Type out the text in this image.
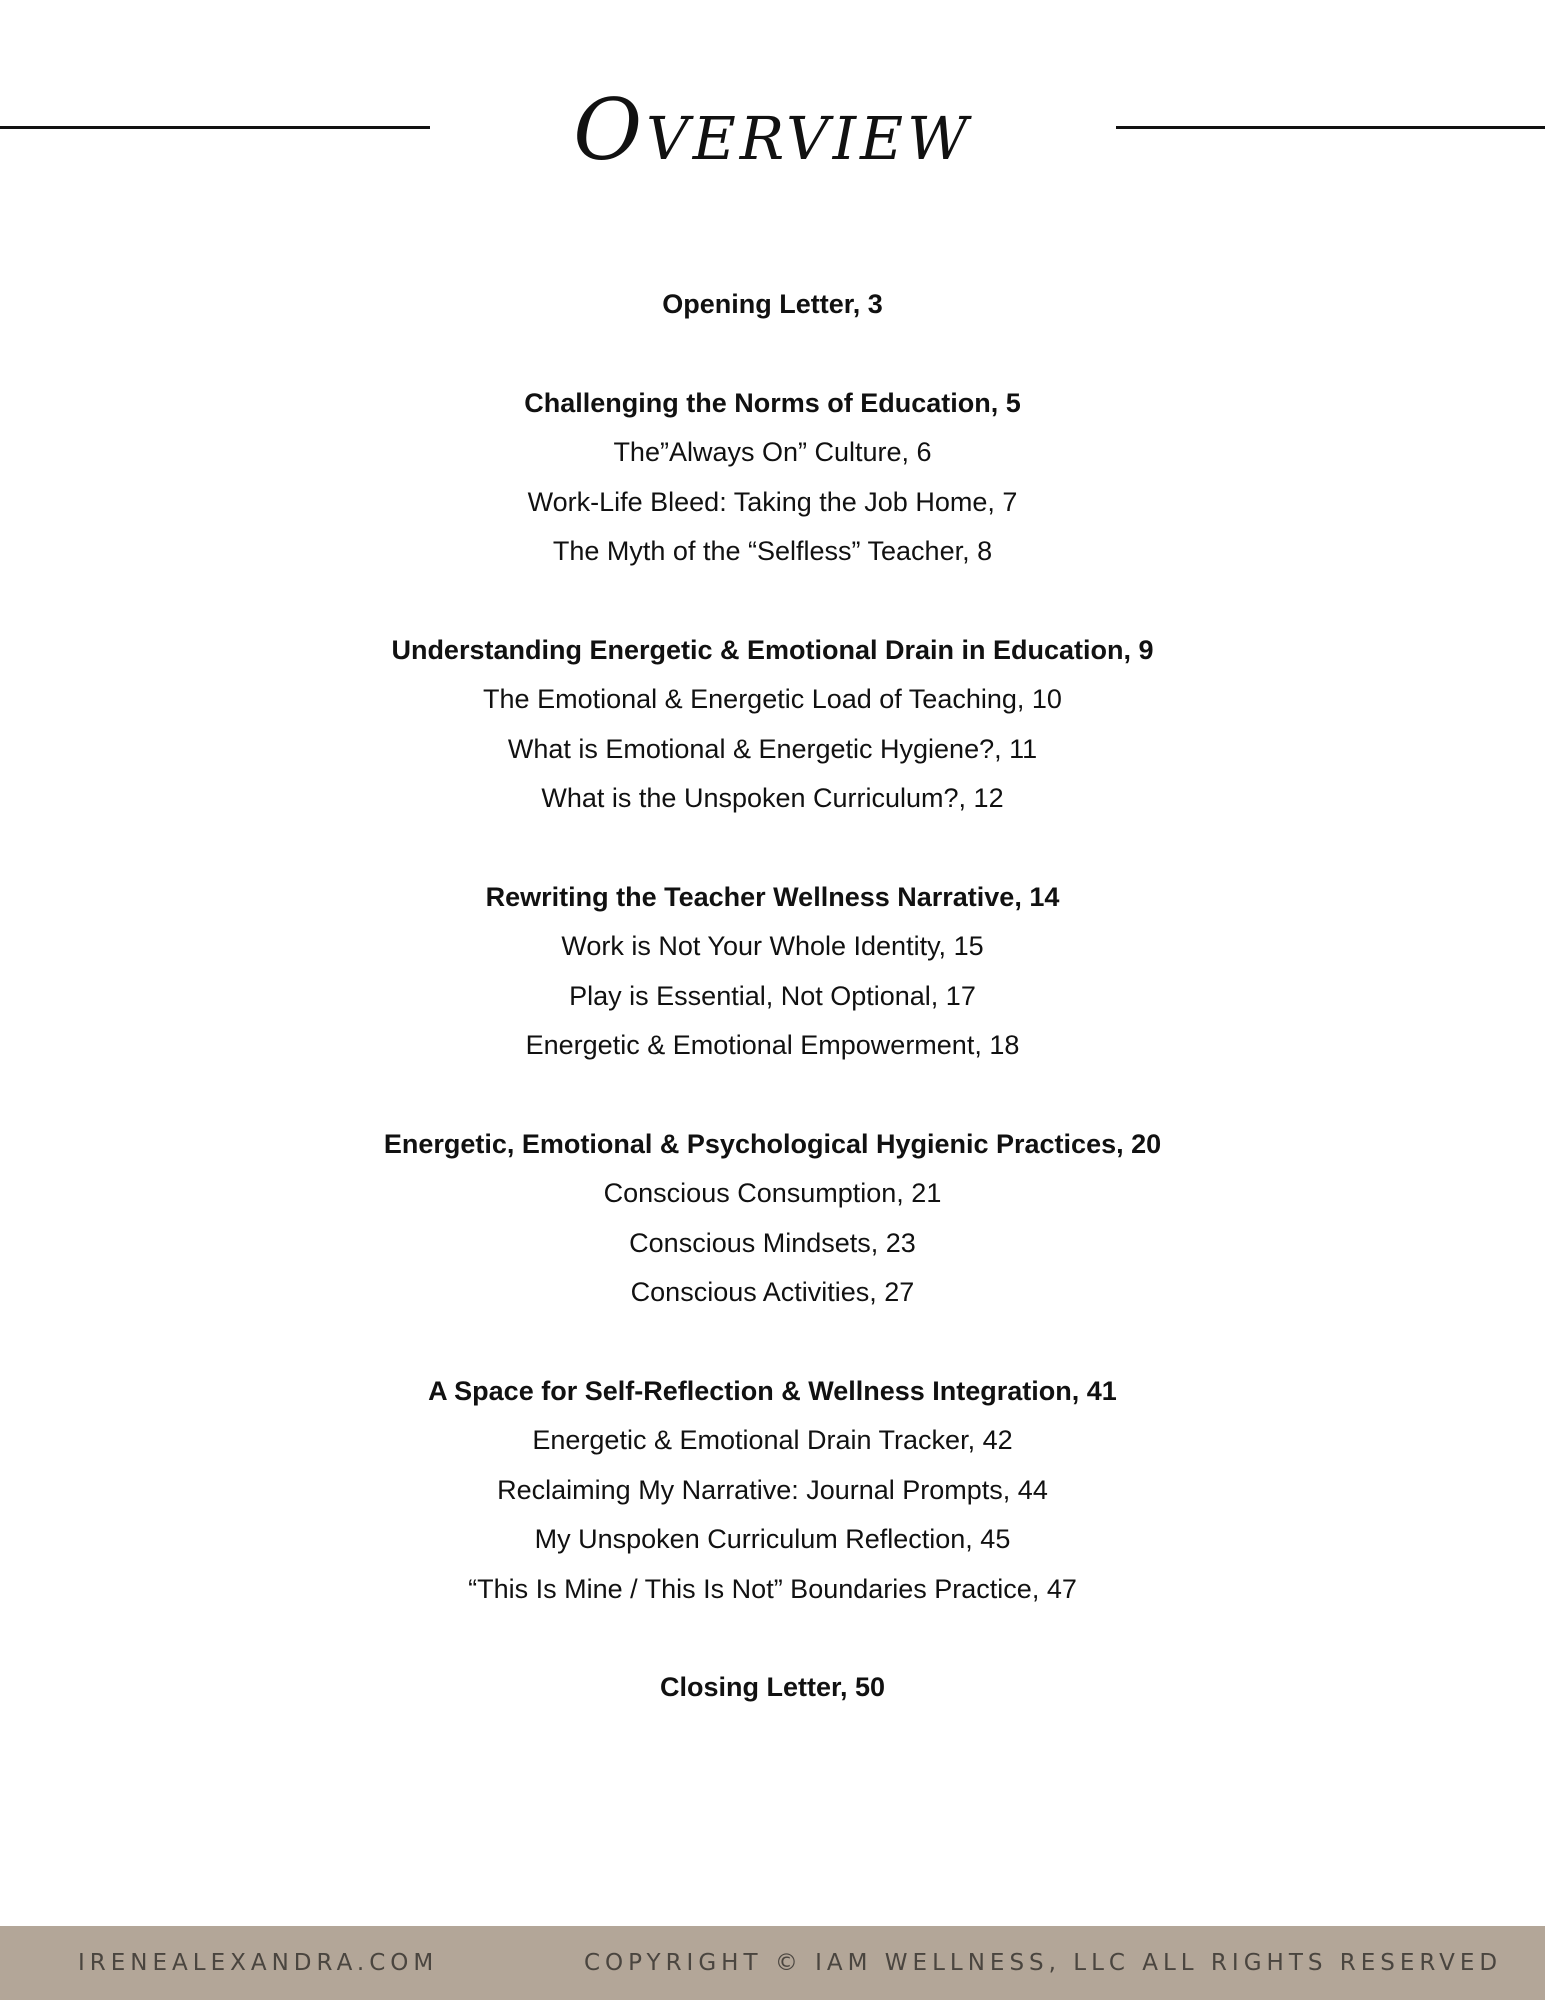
Overview
Opening Letter, 3
Challenging the Norms of Education, 5
The”Always On” Culture, 6
Work-Life Bleed: Taking the Job Home, 7
The Myth of the “Selfless” Teacher, 8
Understanding Energetic & Emotional Drain in Education, 9
The Emotional & Energetic Load of Teaching, 10
What is Emotional & Energetic Hygiene?, 11
What is the Unspoken Curriculum?, 12
Rewriting the Teacher Wellness Narrative, 14
Work is Not Your Whole Identity, 15
Play is Essential, Not Optional, 17
Energetic & Emotional Empowerment, 18
Energetic, Emotional & Psychological Hygienic Practices, 20
Conscious Consumption, 21
Conscious Mindsets, 23
Conscious Activities, 27
A Space for Self-Reflection & Wellness Integration, 41
Energetic & Emotional Drain Tracker, 42
Reclaiming My Narrative: Journal Prompts, 44
My Unspoken Curriculum Reflection, 45
“This Is Mine / This Is Not” Boundaries Practice, 47
Closing Letter, 50
IRENEALEXANDRA.COM	COPYRIGHT © IAM WELLNESS, LLC ALL RIGHTS RESERVED
